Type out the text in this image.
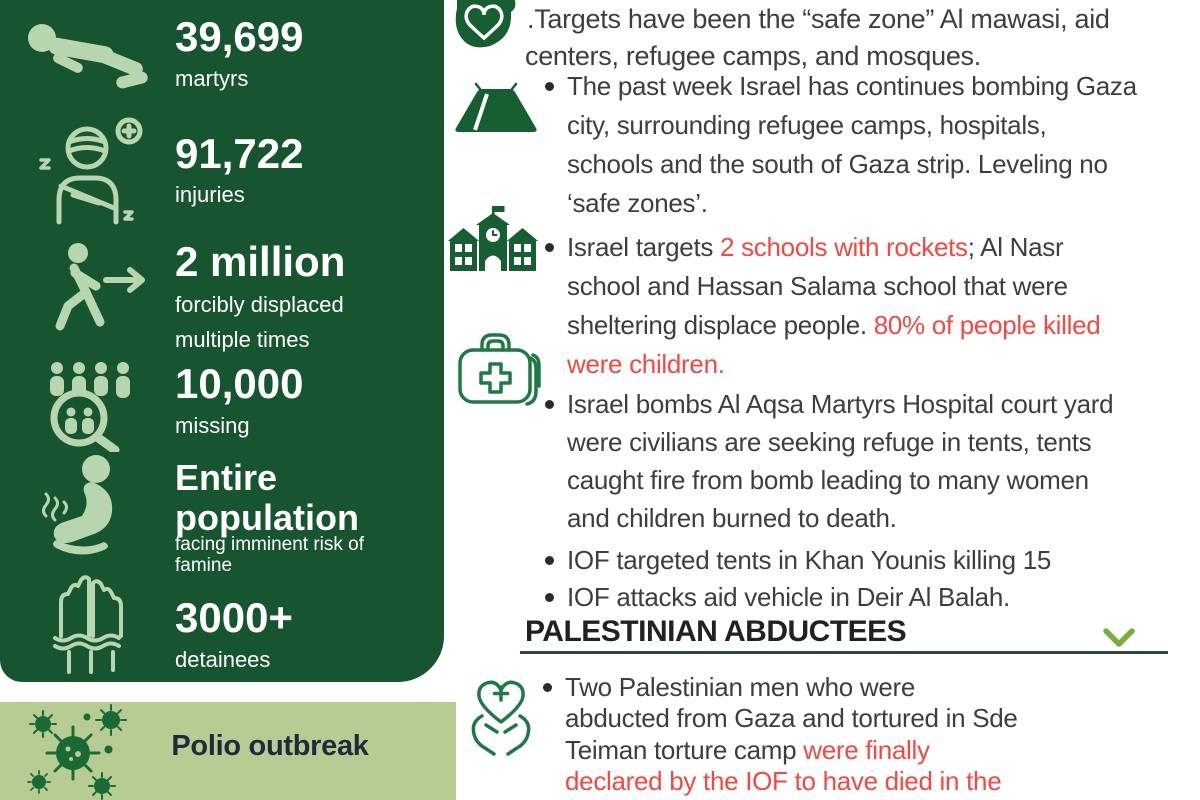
39,699
martyrs
91,722
injuries
2 million
forcibly displaced multiple times
10,000
missing
Entire population
facing imminent risk of famine
3000+
detainees
Polio outbreak
.Targets have been the “safe zone” Al mawasi, aid
centers, refugee camps, and mosques.
The past week Israel has continues bombing Gaza
city, surrounding refugee camps, hospitals,
schools and the south of Gaza strip. Leveling no
‘safe zones’.
Israel targets 2 schools with rockets; Al Nasr
school and Hassan Salama school that were
sheltering displace people. 80% of people killed
were children.
Israel bombs Al Aqsa Martyrs Hospital court yard
were civilians are seeking refuge in tents, tents
caught fire from bomb leading to many women
and children burned to death.
IOF targeted tents in Khan Younis killing 15
IOF attacks aid vehicle in Deir Al Balah.
PALESTINIAN ABDUCTEES
Two Palestinian men who were
abducted from Gaza and tortured in Sde
Teiman torture camp were finally
declared by the IOF to have died in the
